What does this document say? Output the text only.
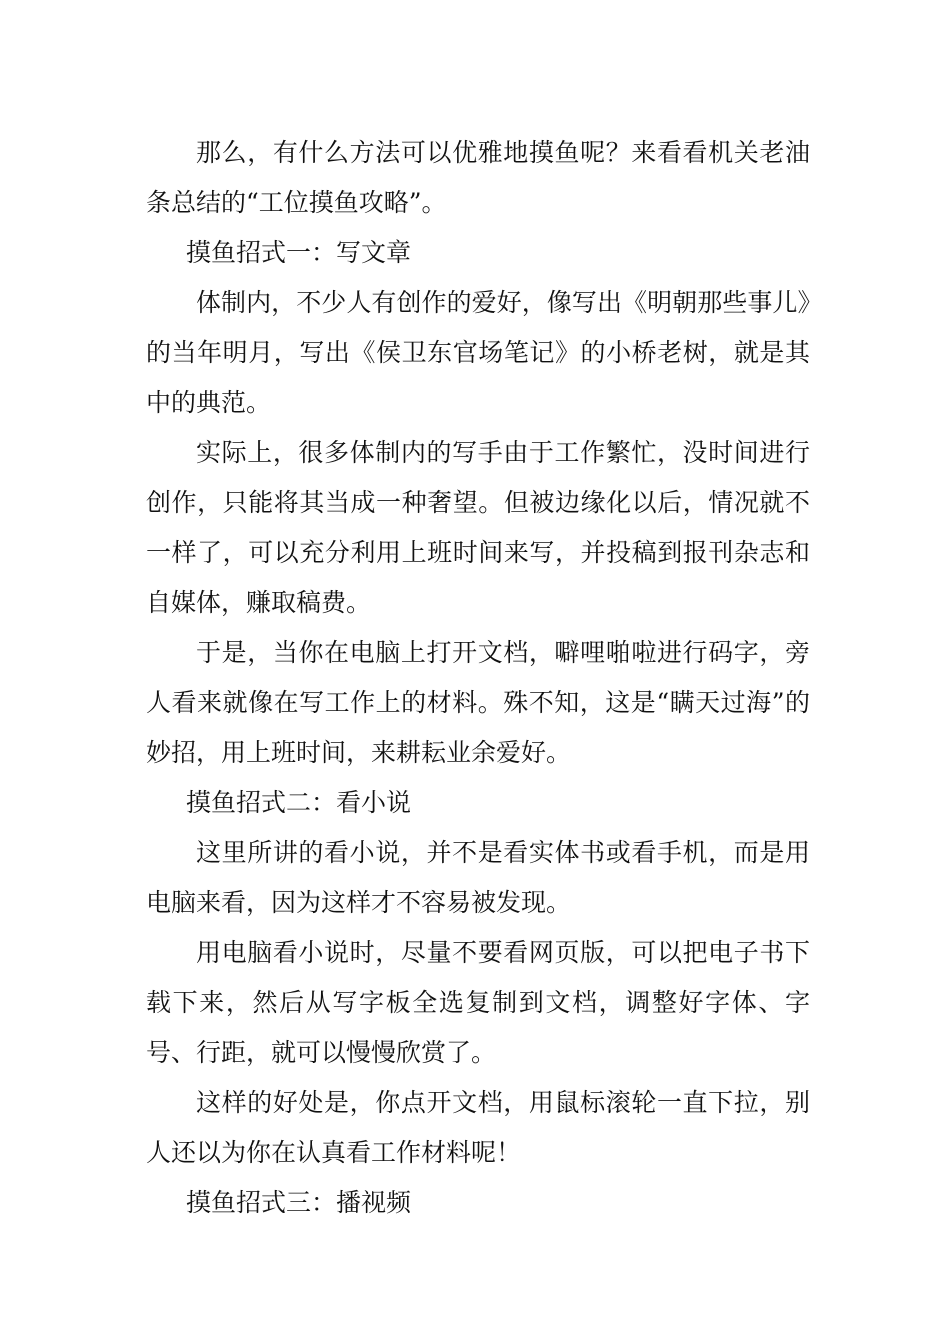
那么，有什么方法可以优雅地摸鱼呢？来看看机关老油条总结的“工位摸鱼攻略”。

摸鱼招式一：写文章

体制内，不少人有创作的爱好，像写出《明朝那些事儿》的当年明月，写出《侯卫东官场笔记》的小桥老树，就是其中的典范。

实际上，很多体制内的写手由于工作繁忙，没时间进行创作，只能将其当成一种奢望。但被边缘化以后，情况就不一样了，可以充分利用上班时间来写，并投稿到报刊杂志和自媒体，赚取稿费。

于是，当你在电脑上打开文档，噼哩啪啦进行码字，旁人看来就像在写工作上的材料。殊不知，这是“瞒天过海”的妙招，用上班时间，来耕耘业余爱好。

摸鱼招式二：看小说

这里所讲的看小说，并不是看实体书或看手机，而是用电脑来看，因为这样才不容易被发现。

用电脑看小说时，尽量不要看网页版，可以把电子书下载下来，然后从写字板全选复制到文档，调整好字体、字号、行距，就可以慢慢欣赏了。

这样的好处是，你点开文档，用鼠标滚轮一直下拉，别人还以为你在认真看工作材料呢！

摸鱼招式三：播视频
